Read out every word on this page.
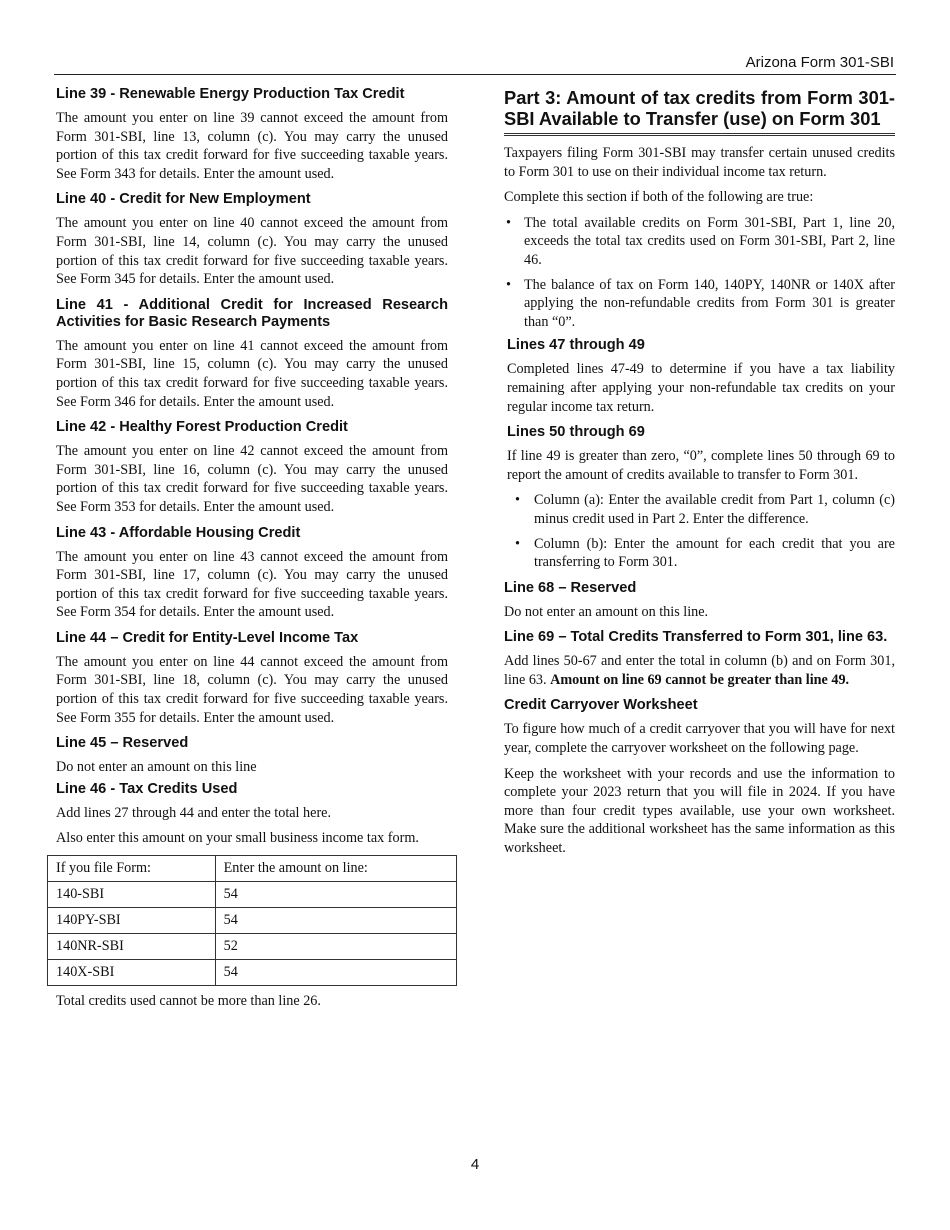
Arizona Form 301-SBI
Line 39 - Renewable Energy Production Tax Credit
The amount you enter on line 39 cannot exceed the amount from Form 301-SBI, line 13, column (c). You may carry the unused portion of this tax credit forward for five succeeding taxable years. See Form 343 for details. Enter the amount used.
Line 40 - Credit for New Employment
The amount you enter on line 40 cannot exceed the amount from Form 301-SBI, line 14, column (c). You may carry the unused portion of this tax credit forward for five succeeding taxable years. See Form 345 for details. Enter the amount used.
Line 41 - Additional Credit for Increased Research Activities for Basic Research Payments
The amount you enter on line 41 cannot exceed the amount from Form 301-SBI, line 15, column (c). You may carry the unused portion of this tax credit forward for five succeeding taxable years. See Form 346 for details. Enter the amount used.
Line 42 - Healthy Forest Production Credit
The amount you enter on line 42 cannot exceed the amount from Form 301-SBI, line 16, column (c). You may carry the unused portion of this tax credit forward for five succeeding taxable years. See Form 353 for details. Enter the amount used.
Line 43 - Affordable Housing Credit
The amount you enter on line 43 cannot exceed the amount from Form 301-SBI, line 17, column (c). You may carry the unused portion of this tax credit forward for five succeeding taxable years. See Form 354 for details. Enter the amount used.
Line 44 – Credit for Entity-Level Income Tax
The amount you enter on line 44 cannot exceed the amount from Form 301-SBI, line 18, column (c). You may carry the unused portion of this tax credit forward for five succeeding taxable years. See Form 355 for details. Enter the amount used.
Line 45 – Reserved
Do not enter an amount on this line
Line 46 - Tax Credits Used
Add lines 27 through 44 and enter the total here.
Also enter this amount on your small business income tax form.
If you file Form:	Enter the amount on line:
140-SBI	54
140PY-SBI	54
140NR-SBI	52
140X-SBI	54
Total credits used cannot be more than line 26.
Part 3: Amount of tax credits from Form 301-SBI Available to Transfer (use) on Form 301
Taxpayers filing Form 301-SBI may transfer certain unused credits to Form 301 to use on their individual income tax return.
Complete this section if both of the following are true:
• The total available credits on Form 301-SBI, Part 1, line 20, exceeds the total tax credits used on Form 301-SBI, Part 2, line 46.
• The balance of tax on Form 140, 140PY, 140NR or 140X after applying the non-refundable credits from Form 301 is greater than “0”.
Lines 47 through 49
Completed lines 47-49 to determine if you have a tax liability remaining after applying your non-refundable tax credits on your regular income tax return.
Lines 50 through 69
If line 49 is greater than zero, “0”, complete lines 50 through 69 to report the amount of credits available to transfer to Form 301.
• Column (a): Enter the available credit from Part 1, column (c) minus credit used in Part 2. Enter the difference.
• Column (b): Enter the amount for each credit that you are transferring to Form 301.
Line 68 – Reserved
Do not enter an amount on this line.
Line 69 – Total Credits Transferred to Form 301, line 63.
Add lines 50-67 and enter the total in column (b) and on Form 301, line 63. Amount on line 69 cannot be greater than line 49.
Credit Carryover Worksheet
To figure how much of a credit carryover that you will have for next year, complete the carryover worksheet on the following page.
Keep the worksheet with your records and use the information to complete your 2023 return that you will file in 2024. If you have more than four credit types available, use your own worksheet. Make sure the additional worksheet has the same information as this worksheet.
4
